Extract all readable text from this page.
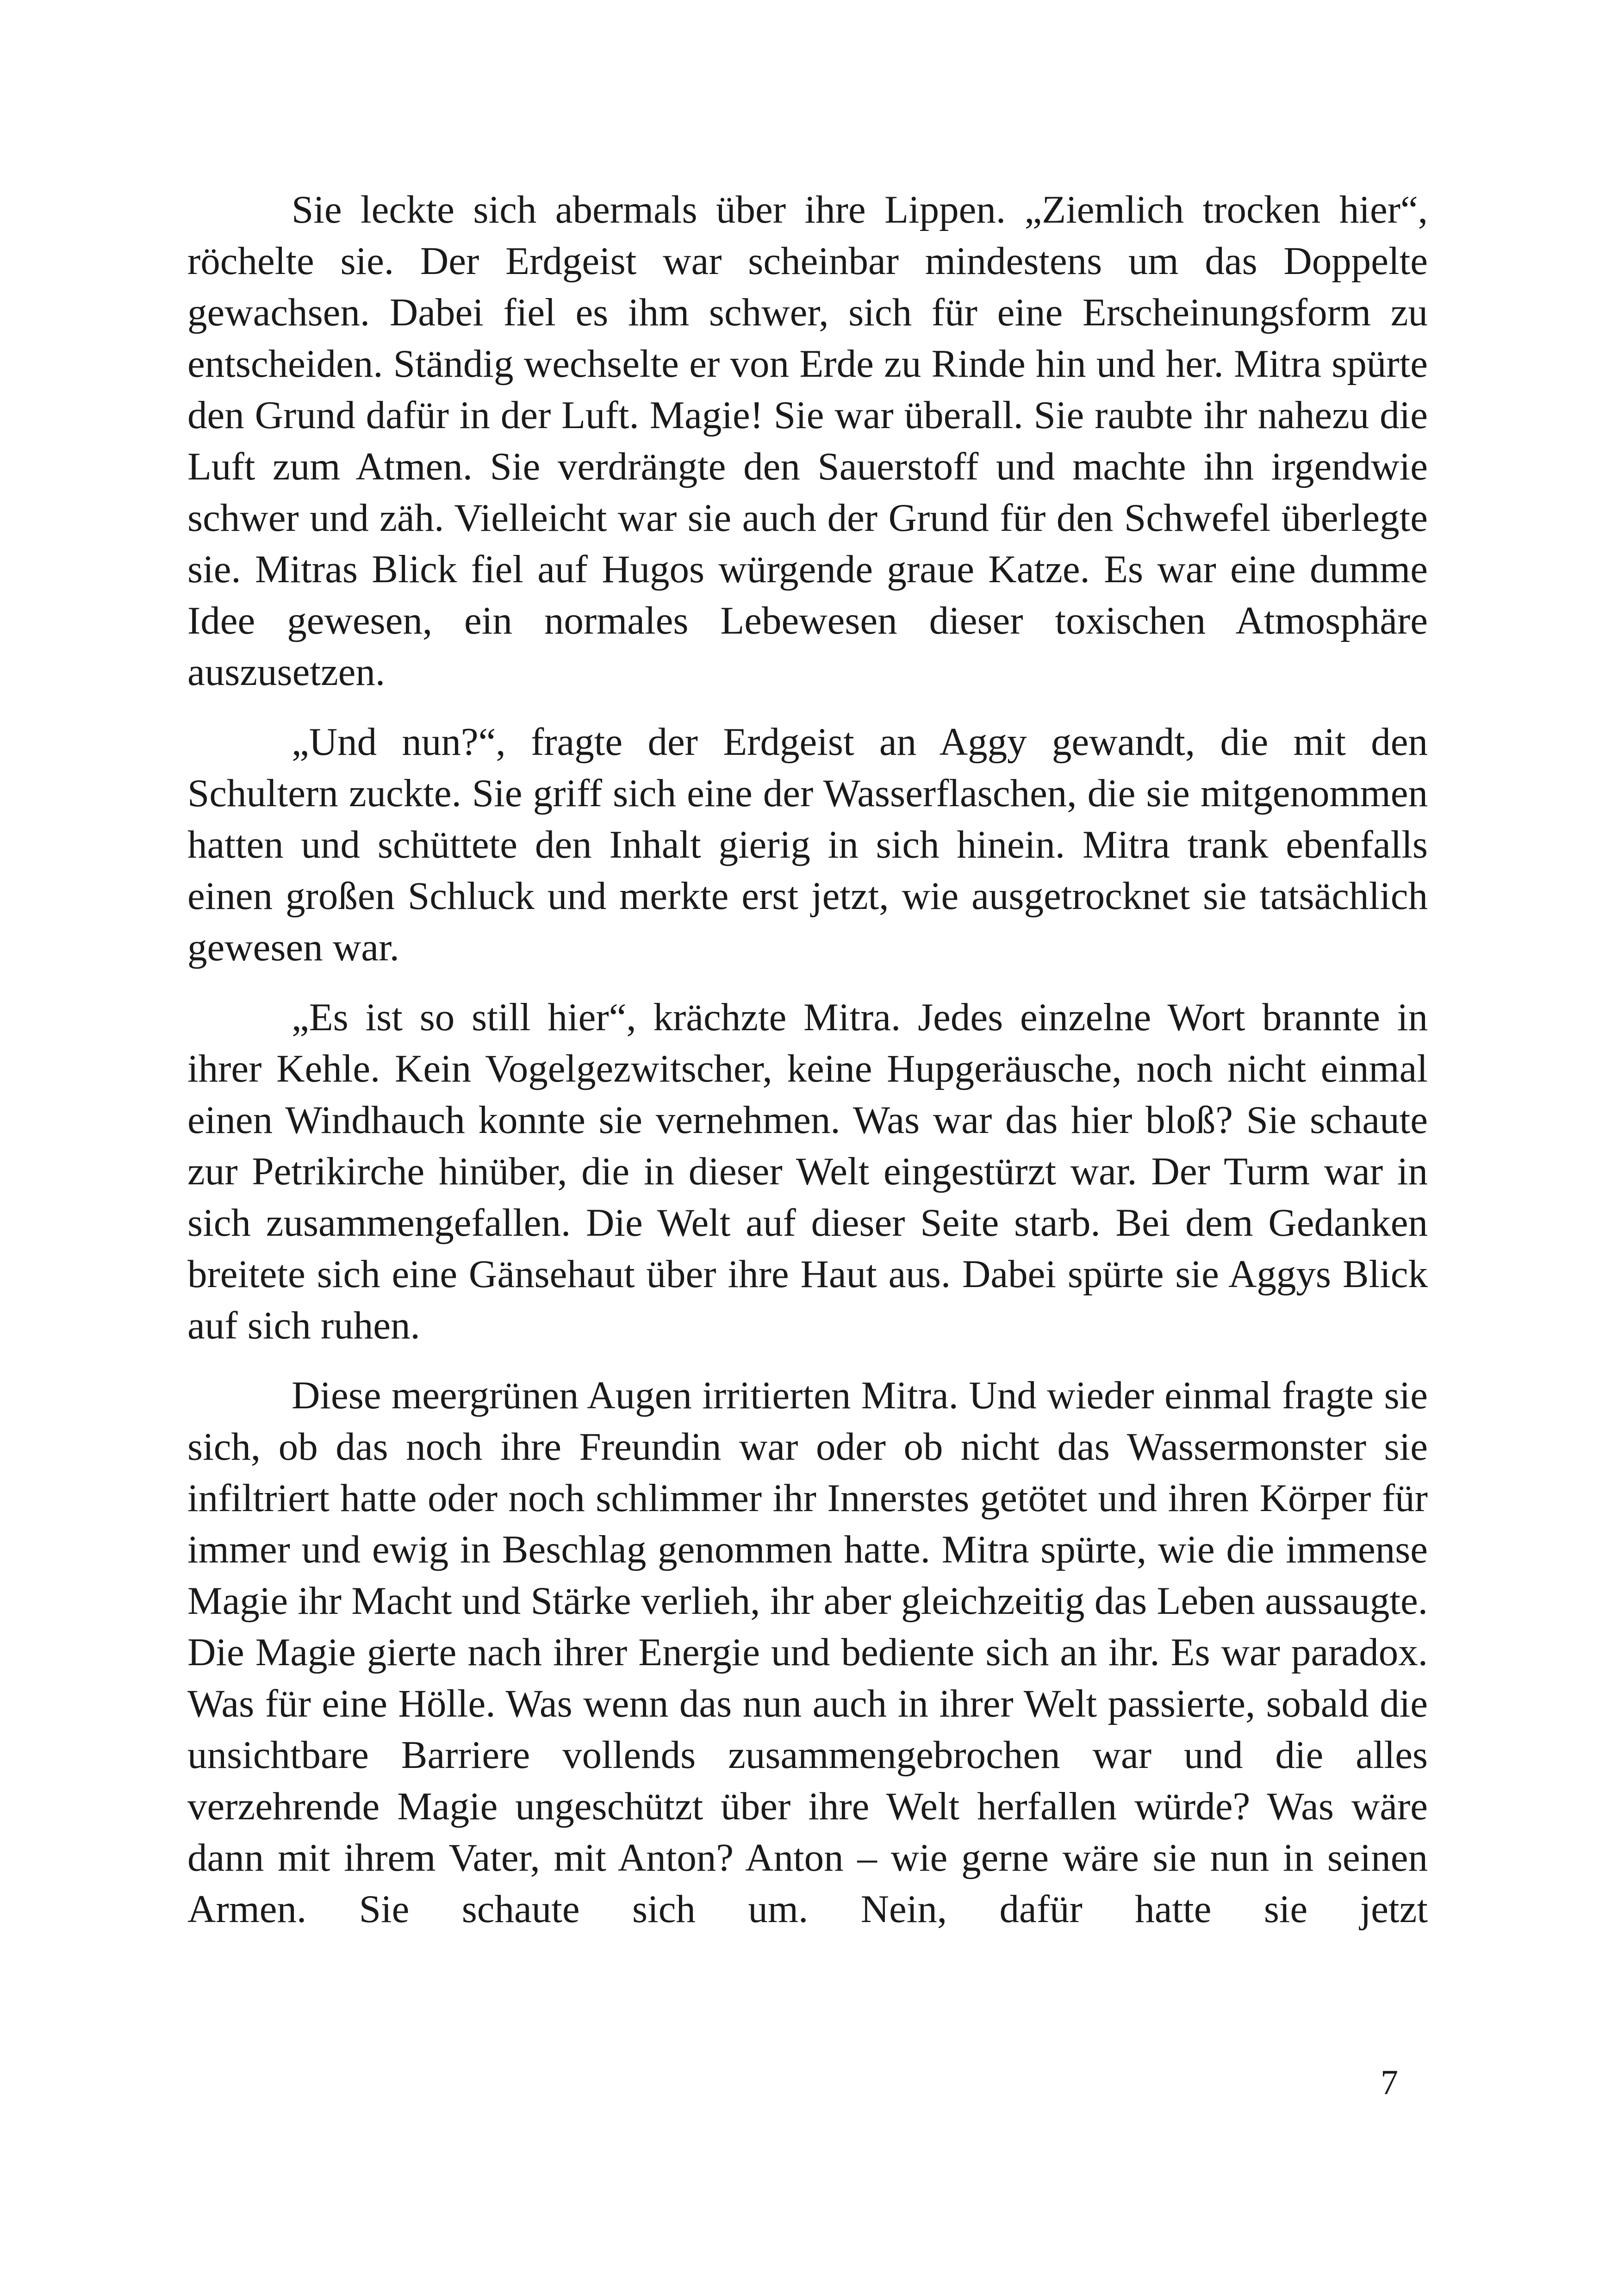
Sie leckte sich abermals über ihre Lippen. „Ziemlich trocken hier“, röchelte sie. Der Erdgeist war scheinbar mindestens um das Doppelte gewachsen. Dabei fiel es ihm schwer, sich für eine Erscheinungsform zu entscheiden. Ständig wechselte er von Erde zu Rinde hin und her. Mitra spürte den Grund dafür in der Luft. Magie! Sie war überall. Sie raubte ihr nahezu die Luft zum Atmen. Sie verdrängte den Sauerstoff und machte ihn irgendwie schwer und zäh. Vielleicht war sie auch der Grund für den Schwefel überlegte sie. Mitras Blick fiel auf Hugos würgende graue Katze. Es war eine dumme Idee gewesen, ein normales Lebewesen dieser toxischen Atmosphäre auszusetzen.

„Und nun?“, fragte der Erdgeist an Aggy gewandt, die mit den Schultern zuckte. Sie griff sich eine der Wasserflaschen, die sie mitgenommen hatten und schüttete den Inhalt gierig in sich hinein. Mitra trank ebenfalls einen großen Schluck und merkte erst jetzt, wie ausgetrocknet sie tatsächlich gewesen war.

„Es ist so still hier“, krächzte Mitra. Jedes einzelne Wort brannte in ihrer Kehle. Kein Vogelgezwitscher, keine Hupgeräusche, noch nicht einmal einen Windhauch konnte sie vernehmen. Was war das hier bloß? Sie schaute zur Petrikirche hinüber, die in dieser Welt eingestürzt war. Der Turm war in sich zusammengefallen. Die Welt auf dieser Seite starb. Bei dem Gedanken breitete sich eine Gänsehaut über ihre Haut aus. Dabei spürte sie Aggys Blick auf sich ruhen.

Diese meergrünen Augen irritierten Mitra. Und wieder einmal fragte sie sich, ob das noch ihre Freundin war oder ob nicht das Wassermonster sie infiltriert hatte oder noch schlimmer ihr Innerstes getötet und ihren Körper für immer und ewig in Beschlag genommen hatte. Mitra spürte, wie die immense Magie ihr Macht und Stärke verlieh, ihr aber gleichzeitig das Leben aussaugte. Die Magie gierte nach ihrer Energie und bediente sich an ihr. Es war paradox. Was für eine Hölle. Was wenn das nun auch in ihrer Welt passierte, sobald die unsichtbare Barriere vollends zusammengebrochen war und die alles verzehrende Magie ungeschützt über ihre Welt herfallen würde? Was wäre dann mit ihrem Vater, mit Anton? Anton – wie gerne wäre sie nun in seinen Armen. Sie schaute sich um. Nein, dafür hatte sie jetzt

7
